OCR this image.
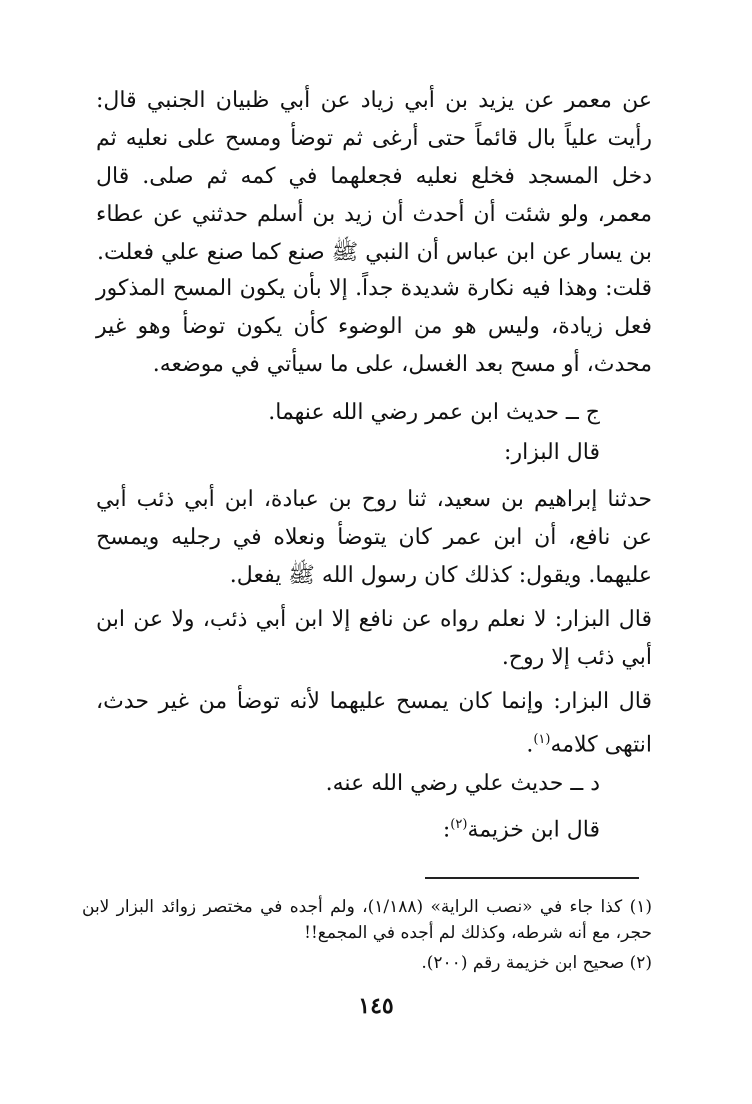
عن معمر عن يزيد بن أبي زياد عن أبي ظبيان الجنبي قال: رأيت علياً بال قائماً حتى أرغى ثم توضأ ومسح على نعليه ثم دخل المسجد فخلع نعليه فجعلهما في كمه ثم صلى. قال معمر، ولو شئت أن أحدث أن زيد بن أسلم حدثني عن عطاء بن يسار عن ابن عباس أن النبي ﷺ صنع كما صنع علي فعلت.

قلت: وهذا فيه نكارة شديدة جداً. إلا بأن يكون المسح المذكور فعل زيادة، وليس هو من الوضوء كأن يكون توضأ وهو غير محدث، أو مسح بعد الغسل، على ما سيأتي في موضعه.

ج ــ حديث ابن عمر رضي الله عنهما.

قال البزار:

حدثنا إبراهيم بن سعيد، ثنا روح بن عبادة، ابن أبي ذئب أبي عن نافع، أن ابن عمر كان يتوضأ ونعلاه في رجليه ويمسح عليهما. ويقول: كذلك كان رسول الله ﷺ يفعل.

قال البزار: لا نعلم رواه عن نافع إلا ابن أبي ذئب، ولا عن ابن أبي ذئب إلا روح.

قال البزار: وإنما كان يمسح عليهما لأنه توضأ من غير حدث، انتهى كلامه$^{(١)}$.

د ــ حديث علي رضي الله عنه.

قال ابن خزيمة$^{(٢)}$:

(١) كذا جاء في «نصب الراية» (١/١٨٨)، ولم أجده في مختصر زوائد البزار لابن حجر، مع أنه شرطه، وكذلك لم أجده في المجمع!!

(٢) صحيح ابن خزيمة رقم (٢٠٠).

١٤٥
